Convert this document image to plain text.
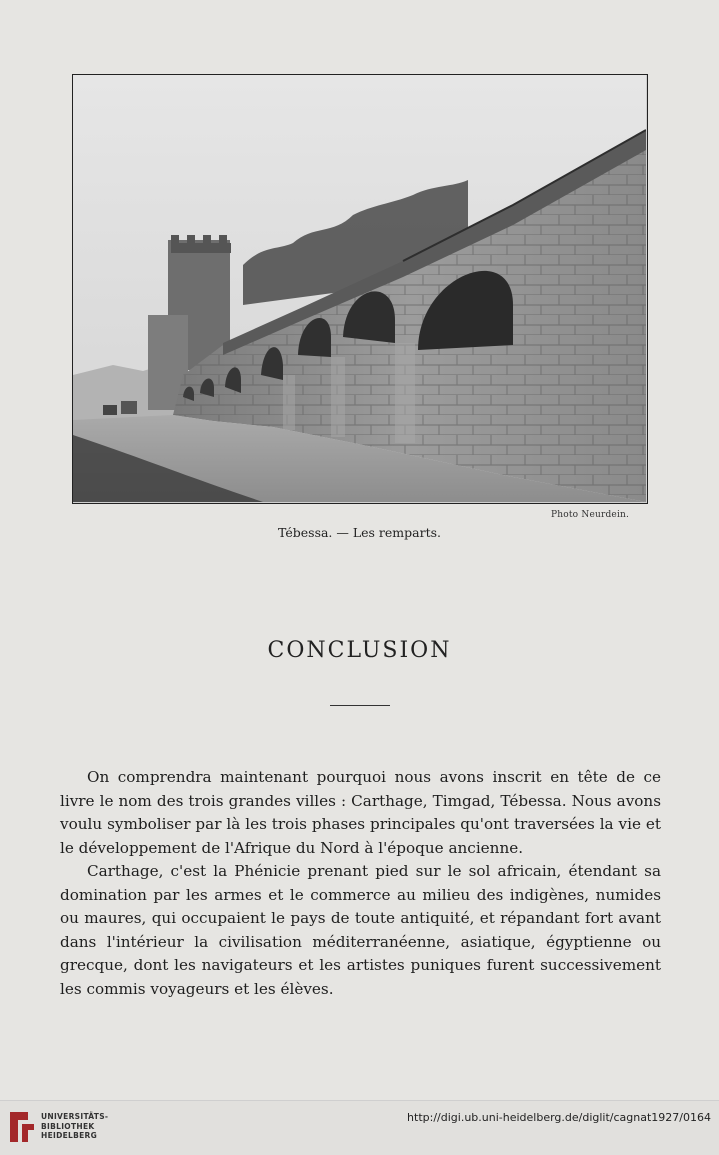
Photo Neurdein.
Tébessa. — Les remparts.
CONCLUSION

On comprendra maintenant pourquoi nous avons inscrit en tête de ce livre le nom des trois grandes villes : Carthage, Timgad, Tébessa. Nous avons voulu symboliser par là les trois phases principales qu'ont traversées la vie et le développement de l'Afrique du Nord à l'époque ancienne.

Carthage, c'est la Phénicie prenant pied sur le sol africain, étendant sa domination par les armes et le commerce au milieu des indigènes, numides ou maures, qui occupaient le pays de toute antiquité, et répandant fort avant dans l'intérieur la civilisation méditerranéenne, asiatique, égyptienne ou grecque, dont les navigateurs et les artistes puniques furent successivement les commis voyageurs et les élèves.

UNIVERSITÄTS-
BIBLIOTHEK
HEIDELBERG
http://digi.ub.uni-heidelberg.de/diglit/cagnat1927/0164
